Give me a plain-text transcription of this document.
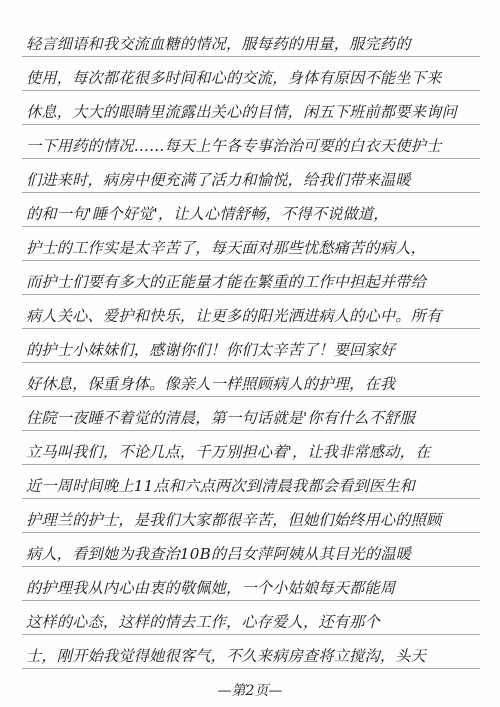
轻言细语和我交流血糖的情况，服每药的用量，服完药的
使用，每次都花很多时间和心的交流，身体有原因不能坐下来
休息，大大的眼睛里流露出关心的目情，闲五下班前都要来询问
一下用药的情况……每天上午各专事治治可要的白衣天使护士
们进来时，病房中便充满了活力和愉悦，给我们带来温暖
的和一句'睡个好觉'，让人心情舒畅，不得不说做道，
护士的工作实是太辛苦了，每天面对那些忧愁痛苦的病人，
而护士们要有多大的正能量才能在繁重的工作中担起并带给
病人关心、爱护和快乐，让更多的阳光洒进病人的心中。所有
的护士小妹妹们，感谢你们！你们太辛苦了！要回家好
好休息，保重身体。像亲人一样照顾病人的护理，在我
住院一夜睡不着觉的清晨，第一句话就是'你有什么不舒服
立马叫我们，不论几点，千万别担心着'，让我非常感动，在
近一周时间晚上11点和六点两次到清晨我都会看到医生和
护理兰的护士，是我们大家都很辛苦，但她们始终用心的照顾
病人，看到她为我查治10B的吕女萍阿姨从其目光的温暖
的护理我从内心由衷的敬佩她，一个小姑娘每天都能周
这样的心态，这样的情去工作，心存爱人，还有那个
士，刚开始我觉得她很客气，不久来病房查将立搅沟，头天
—第2页—
